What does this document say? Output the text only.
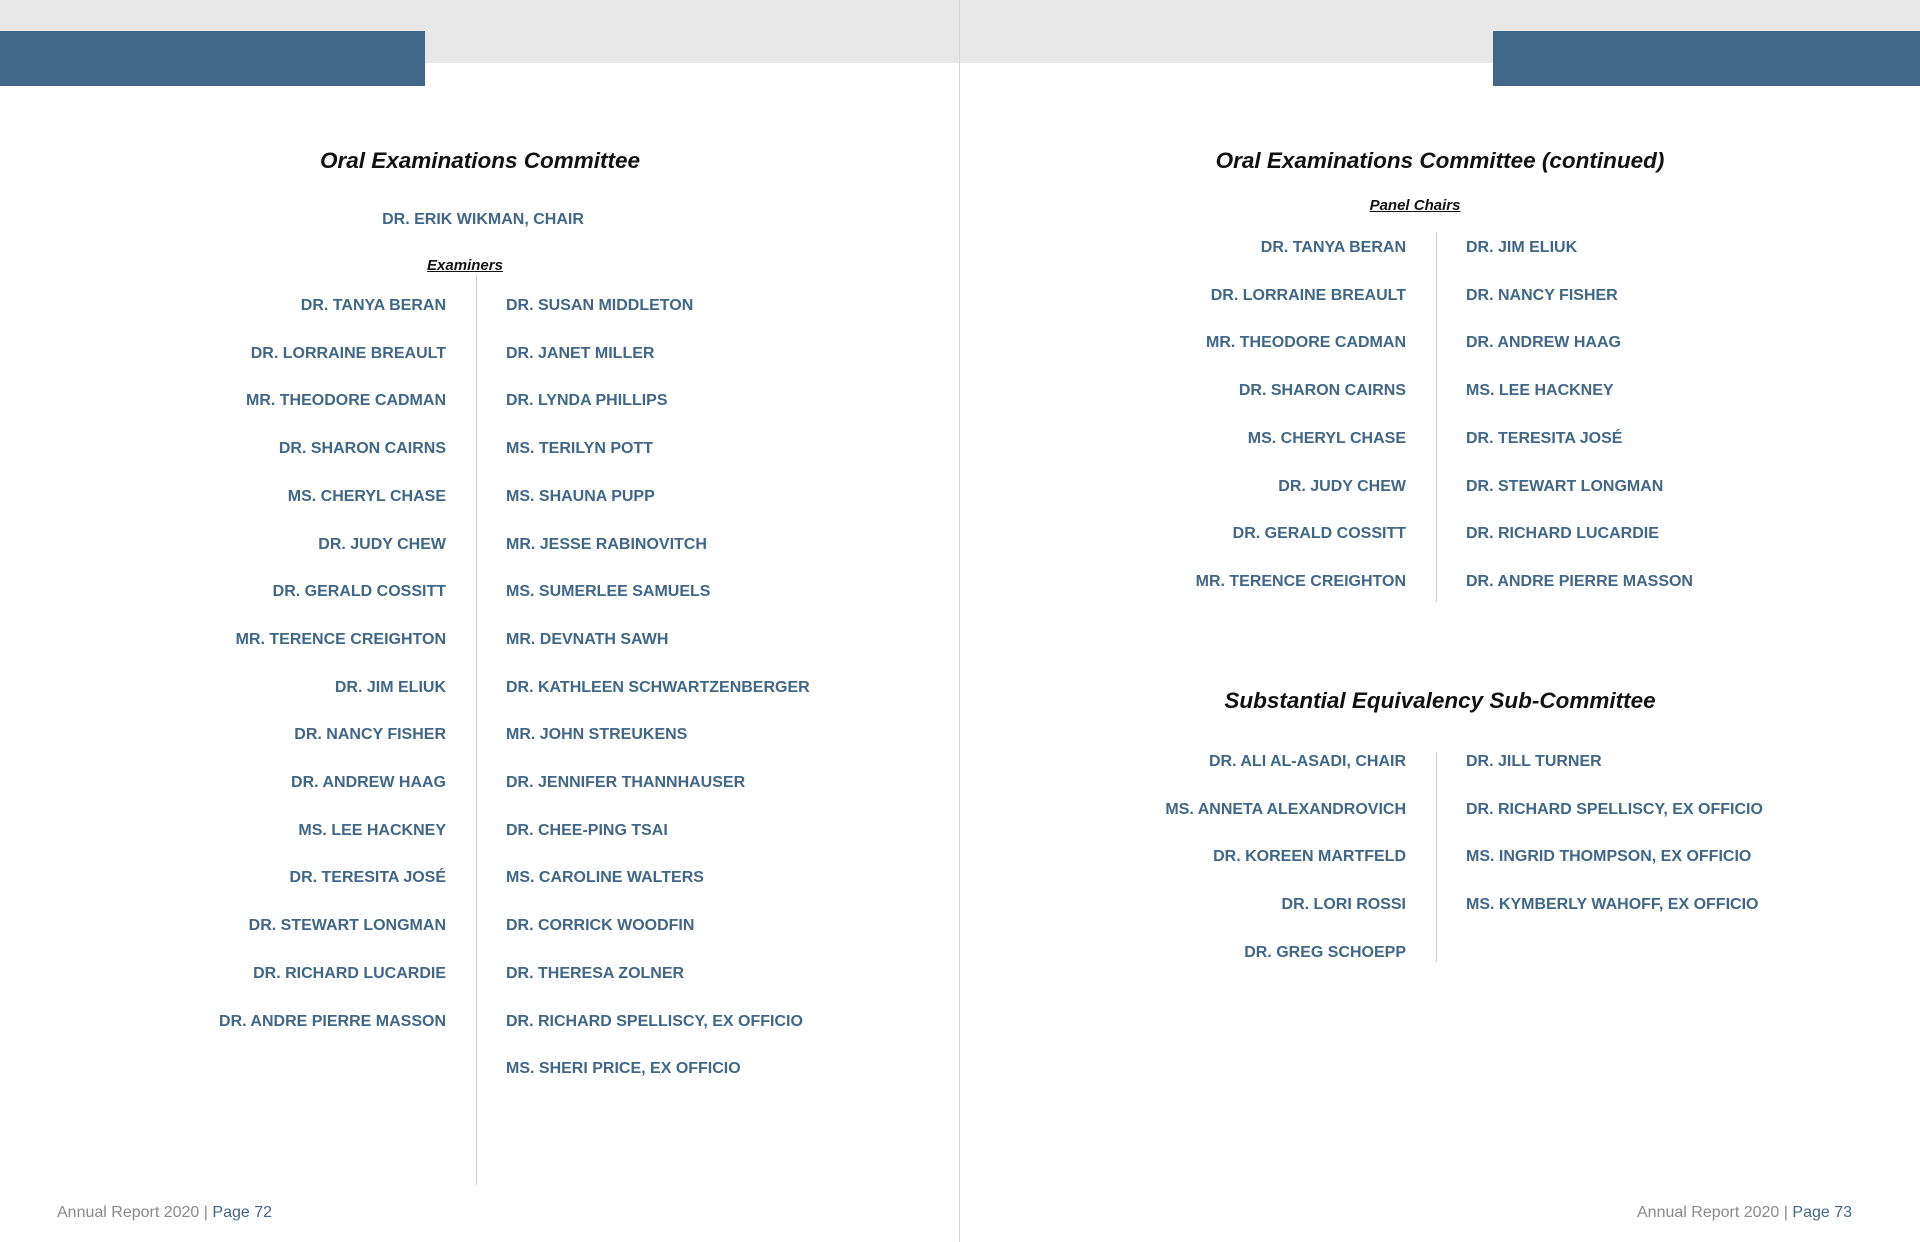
Oral Examinations Committee
DR. ERIK WIKMAN, CHAIR
Examiners
DR. TANYA BERAN
DR. LORRAINE BREAULT
MR. THEODORE CADMAN
DR. SHARON CAIRNS
MS. CHERYL CHASE
DR. JUDY CHEW
DR. GERALD COSSITT
MR. TERENCE CREIGHTON
DR. JIM ELIUK
DR. NANCY FISHER
DR. ANDREW HAAG
MS. LEE HACKNEY
DR. TERESITA JOSÉ
DR. STEWART LONGMAN
DR. RICHARD LUCARDIE
DR. ANDRE PIERRE MASSON
DR. SUSAN MIDDLETON
DR. JANET MILLER
DR. LYNDA PHILLIPS
MS. TERILYN POTT
MS. SHAUNA PUPP
MR. JESSE RABINOVITCH
MS. SUMERLEE SAMUELS
MR. DEVNATH SAWH
DR. KATHLEEN SCHWARTZENBERGER
MR. JOHN STREUKENS
DR. JENNIFER THANNHAUSER
DR. CHEE-PING TSAI
MS. CAROLINE WALTERS
DR. CORRICK WOODFIN
DR. THERESA ZOLNER
DR. RICHARD SPELLISCY, EX OFFICIO
MS. SHERI PRICE, EX OFFICIO
Annual Report 2020 | Page 72
Oral Examinations Committee (continued)
Panel Chairs
DR. TANYA BERAN
DR. LORRAINE BREAULT
MR. THEODORE CADMAN
DR. SHARON CAIRNS
MS. CHERYL CHASE
DR. JUDY CHEW
DR. GERALD COSSITT
MR. TERENCE CREIGHTON
DR. JIM ELIUK
DR. NANCY FISHER
DR. ANDREW HAAG
MS. LEE HACKNEY
DR. TERESITA JOSÉ
DR. STEWART LONGMAN
DR. RICHARD LUCARDIE
DR. ANDRE PIERRE MASSON
Substantial Equivalency Sub-Committee
DR. ALI AL-ASADI, CHAIR
MS. ANNETA ALEXANDROVICH
DR. KOREEN MARTFELD
DR. LORI ROSSI
DR. GREG SCHOEPP
DR. JILL TURNER
DR. RICHARD SPELLISCY, EX OFFICIO
MS. INGRID THOMPSON, EX OFFICIO
MS. KYMBERLY WAHOFF, EX OFFICIO
Annual Report 2020 | Page 73
